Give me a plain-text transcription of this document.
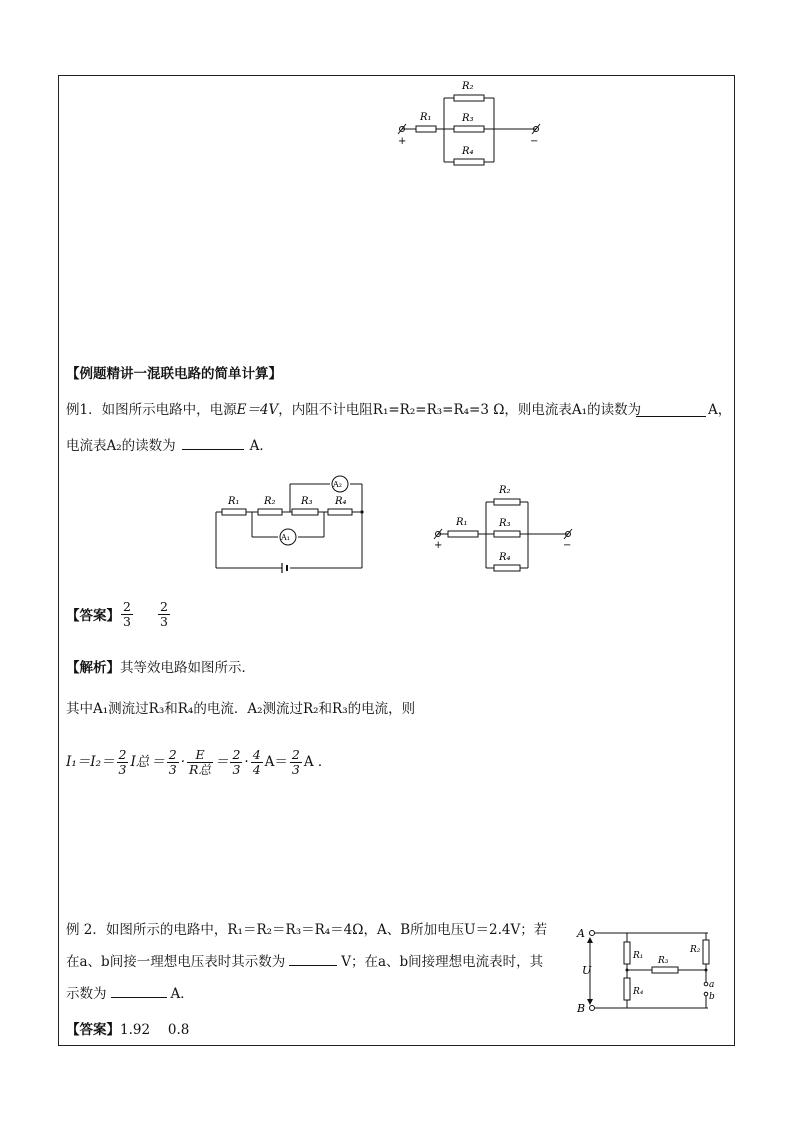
R₁
R₂
R₃
R₄
+	−
【例题精讲一混联电路的简单计算】
例1．如图所示电路中，电源E＝4V，内阻不计电阻R₁=R₂=R₃=R₄=3 Ω，则电流表A₁的读数为	A，
电流表A₂的读数为	A．
R₁ R₂	R₃ R₄
A₂
A₁
R₁
R₂
R₃
R₄
+	−
【答案】 $\frac{2}{3} \frac{2}{3}$
【解析】其等效电路如图所示．
其中A₁测流过R₃和R₄的电流．A₂测流过R₂和R₃的电流，则
$I_1=I_2= \frac{2}{3}$ I总 ＝ $\frac{2}{3} \cdot \frac{E}{\text{R总}} = \frac{2}{3} \cdot \frac{4}{4} A= \frac{2}{3}$ A ．
例 2．如图所示的电路中，R₁＝R₂＝R₃＝R₄＝4Ω，A、B所加电压U＝2.4V；若
在a、b间接一理想电压表时其示数为	V；在a、b间接理想电流表时，其
示数为	A．
A
B
U
R₁
R₂
R₃
R₄
a
b
【答案】1.92　 0.8
